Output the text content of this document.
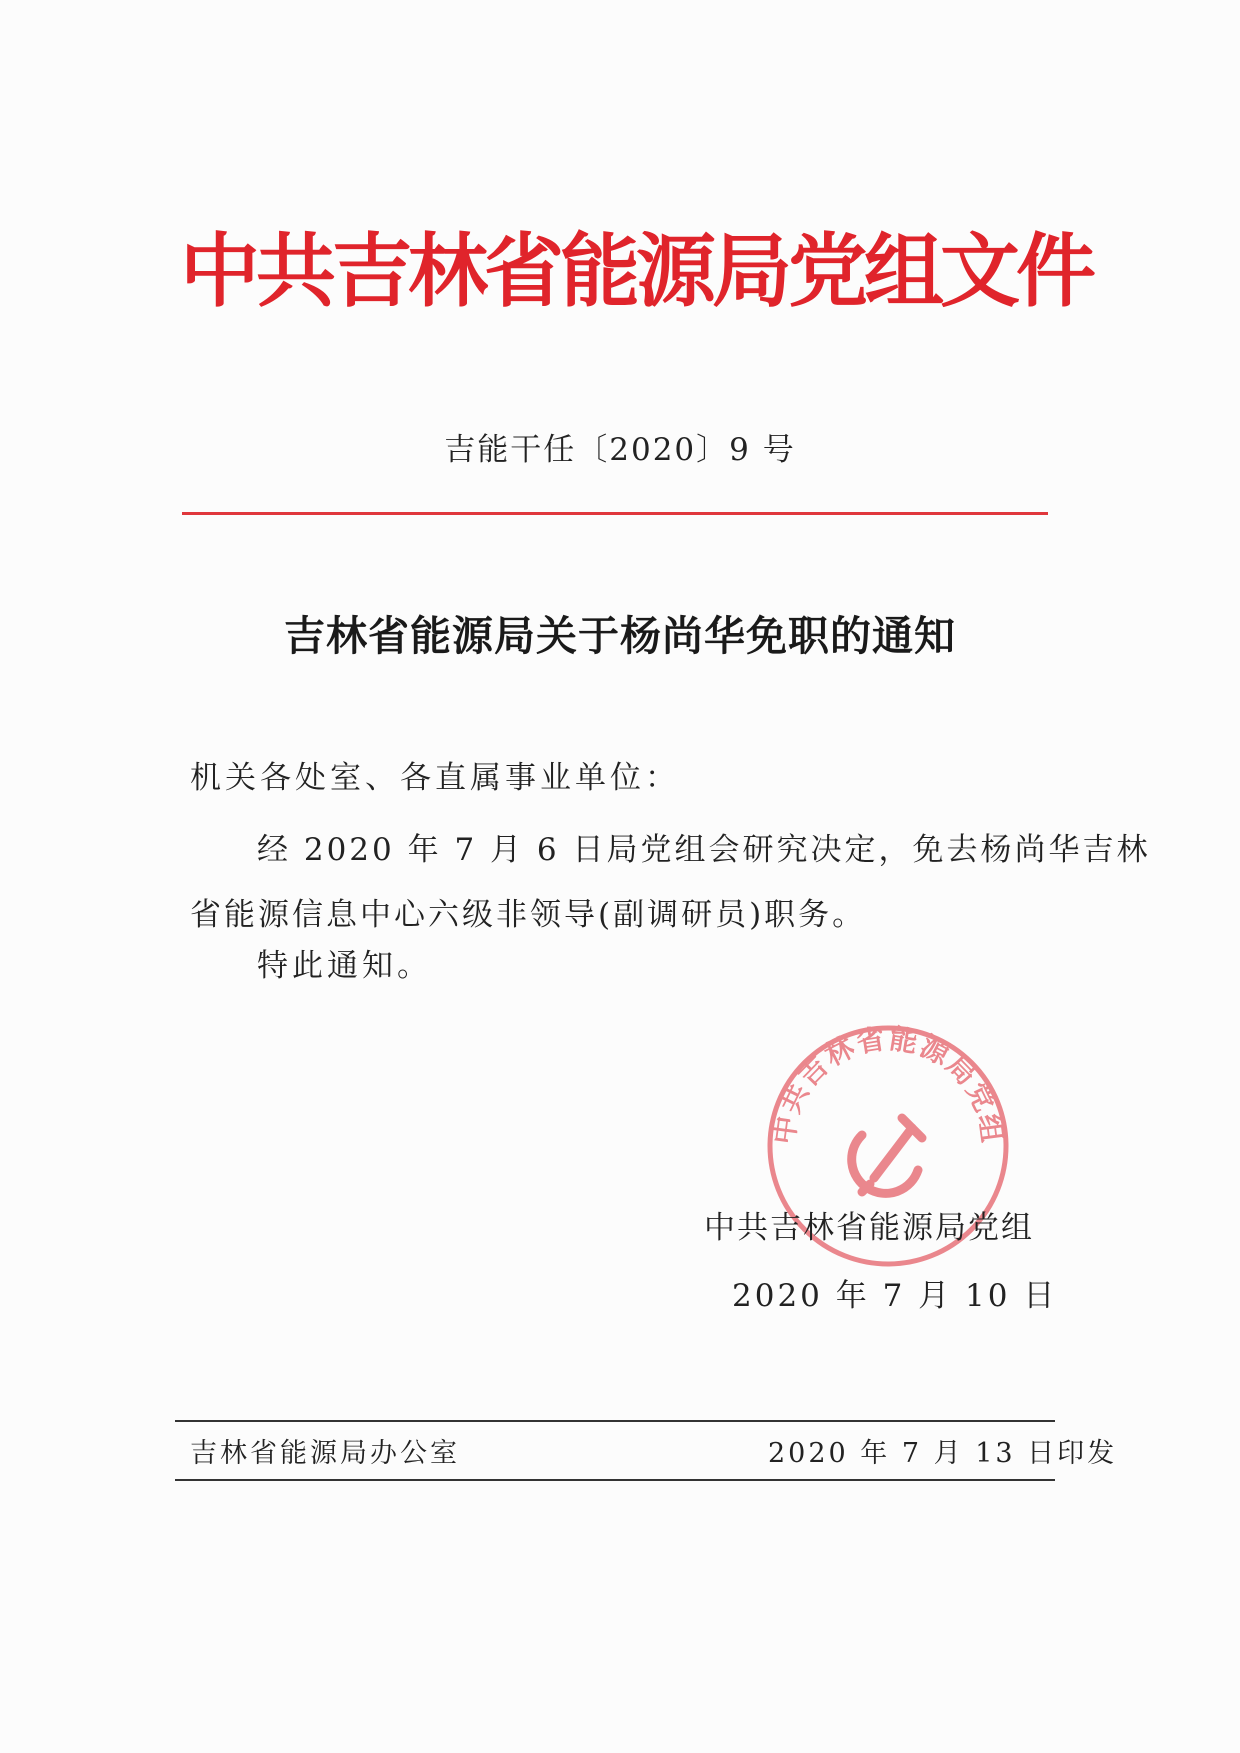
中共吉林省能源局党组文件
吉能干任〔2020〕9 号
吉林省能源局关于杨尚华免职的通知
机关各处室、各直属事业单位：
经 2020 年 7 月 6 日局党组会研究决定，免去杨尚华吉林
省能源信息中心六级非领导(副调研员)职务。
特此通知。
中共吉林省能源局党组
中共吉林省能源局党组
2020 年 7 月 10 日
吉林省能源局办公室	2020 年 7 月 13 日印发
